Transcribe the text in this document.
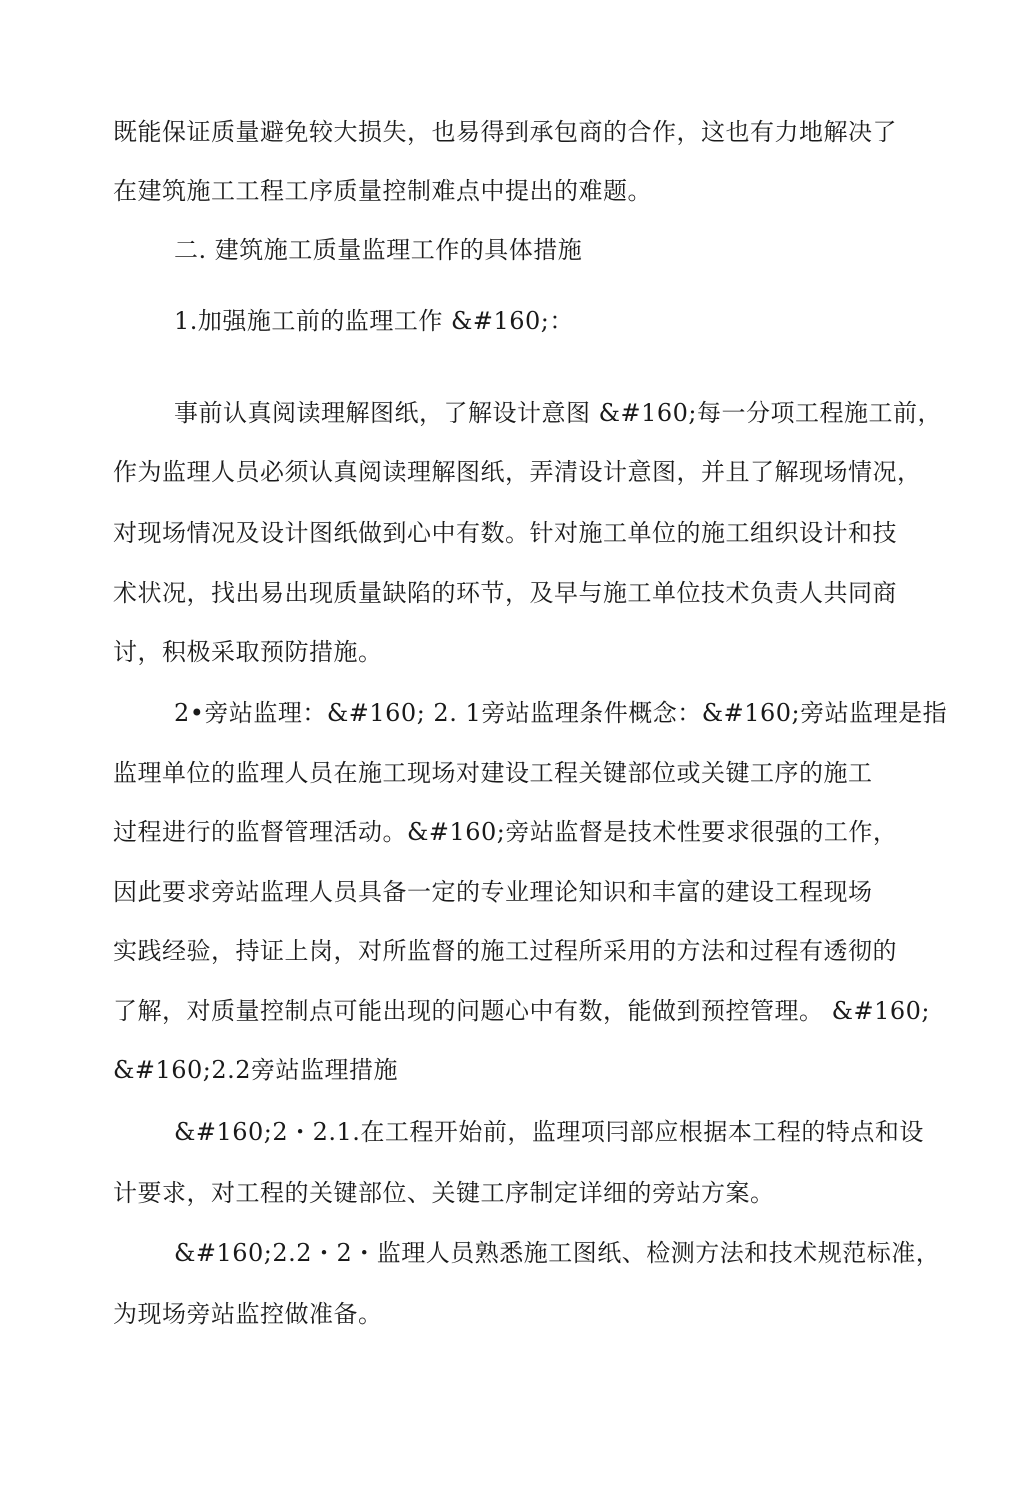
既能保证质量避免较大损失，也易得到承包商的合作，这也有力地解决了
在建筑施工工程工序质量控制难点中提出的难题。
二. 建筑施工质量监理工作的具体措施
1.加强施工前的监理工作 &#160;：
事前认真阅读理解图纸，了解设计意图 &#160;每一分项工程施工前，
作为监理人员必须认真阅读理解图纸，弄清设计意图，并且了解现场情况，
对现场情况及设计图纸做到心中有数。针对施工单位的施工组织设计和技
术状况，找出易出现质量缺陷的环节，及早与施工单位技术负责人共同商
讨，积极采取预防措施。
2•旁站监理：&#160; 2. 1旁站监理条件概念：&#160;旁站监理是指
监理单位的监理人员在施工现场对建设工程关键部位或关键工序的施工
过程进行的监督管理活动。&#160;旁站监督是技术性要求很强的工作，
因此要求旁站监理人员具备一定的专业理论知识和丰富的建设工程现场
实践经验，持证上岗，对所监督的施工过程所采用的方法和过程有透彻的
了解，对质量控制点可能出现的问题心中有数，能做到预控管理。 &#160;
&#160;2.2旁站监理措施
&#160;2・2.1.在工程开始前，监理项冃部应根据本工程的特点和设
计要求，对工程的关键部位、关键工序制定详细的旁站方案。
&#160;2.2・2・监理人员熟悉施工图纸、检测方法和技术规范标准，
为现场旁站监控做准备。
